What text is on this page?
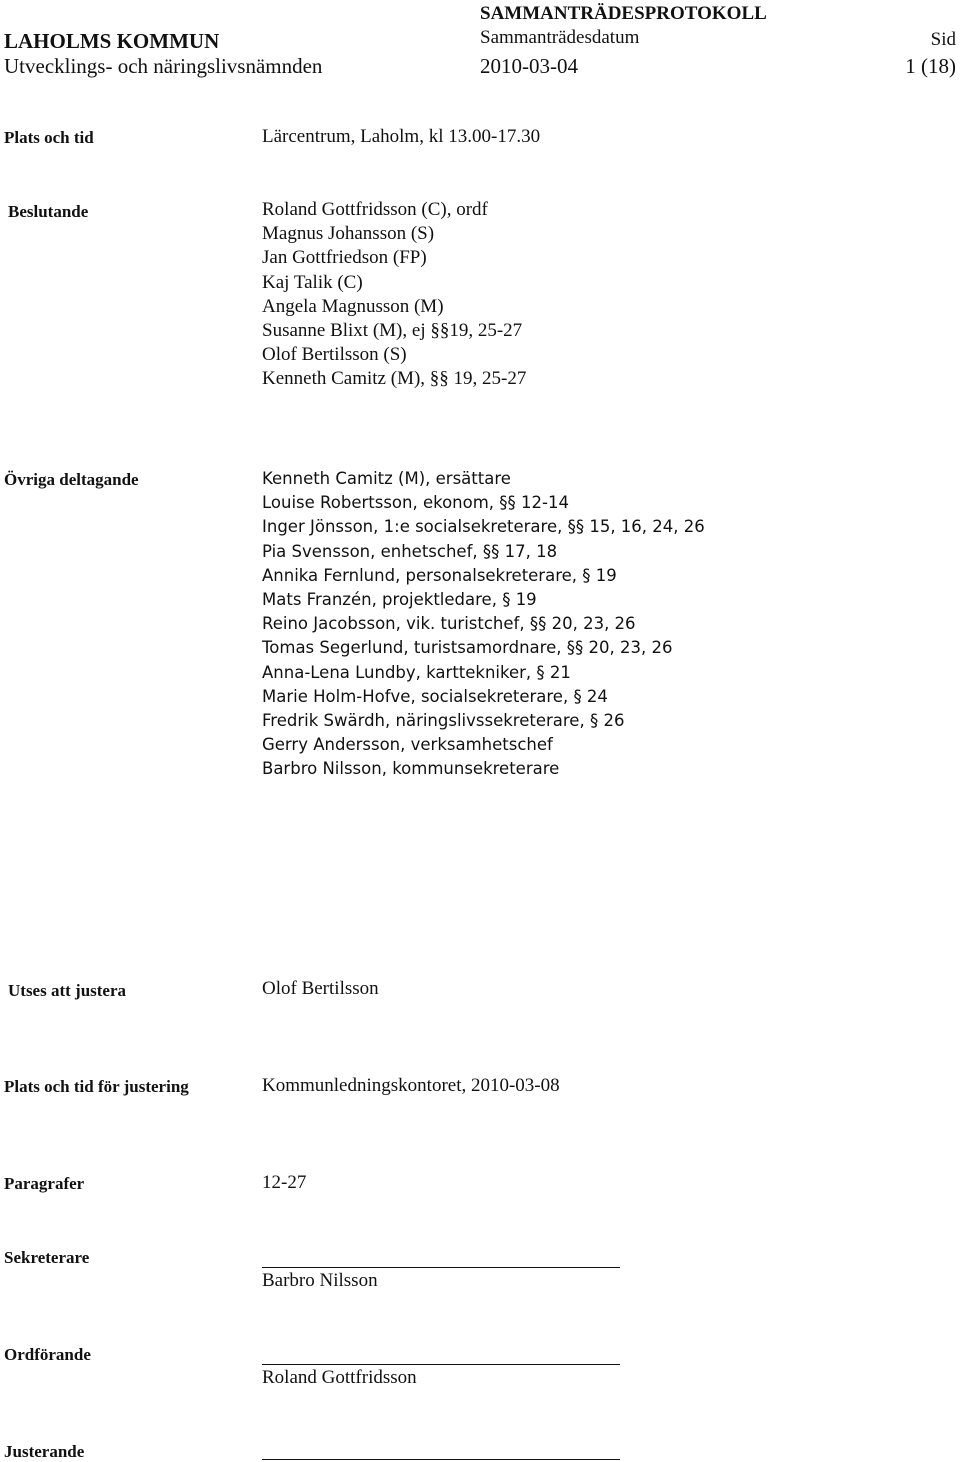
LAHOLMS KOMMUN
Utvecklings- och näringslivsnämnden
SAMMANTRÄDESPROTOKOLL
Sammanträdesdatum
2010-03-04
Sid
1 (18)
Plats och tid	Lärcentrum, Laholm, kl 13.00-17.30
Beslutande	Roland Gottfridsson (C), ordf
Magnus Johansson (S)
Jan Gottfriedson (FP)
Kaj Talik (C)
Angela Magnusson (M)
Susanne Blixt (M), ej §§19, 25-27
Olof Bertilsson (S)
Kenneth Camitz (M), §§ 19, 25-27
Övriga deltagande	Kenneth Camitz (M), ersättare
Louise Robertsson, ekonom, §§ 12-14
Inger Jönsson, 1:e socialsekreterare, §§ 15, 16, 24, 26
Pia Svensson, enhetschef, §§ 17, 18
Annika Fernlund, personalsekreterare, § 19
Mats Franzén, projektledare, § 19
Reino Jacobsson, vik. turistchef, §§ 20, 23, 26
Tomas Segerlund, turistsamordnare, §§ 20, 23, 26
Anna-Lena Lundby, karttekniker, § 21
Marie Holm-Hofve, socialsekreterare, § 24
Fredrik Swärdh, näringslivssekreterare, § 26
Gerry Andersson, verksamhetschef
Barbro Nilsson, kommunsekreterare
Utses att justera	Olof Bertilsson
Plats och tid för justering	Kommunledningskontoret, 2010-03-08
Paragrafer	12-27
Sekreterare
Barbro Nilsson
Ordförande
Roland Gottfridsson
Justerande
